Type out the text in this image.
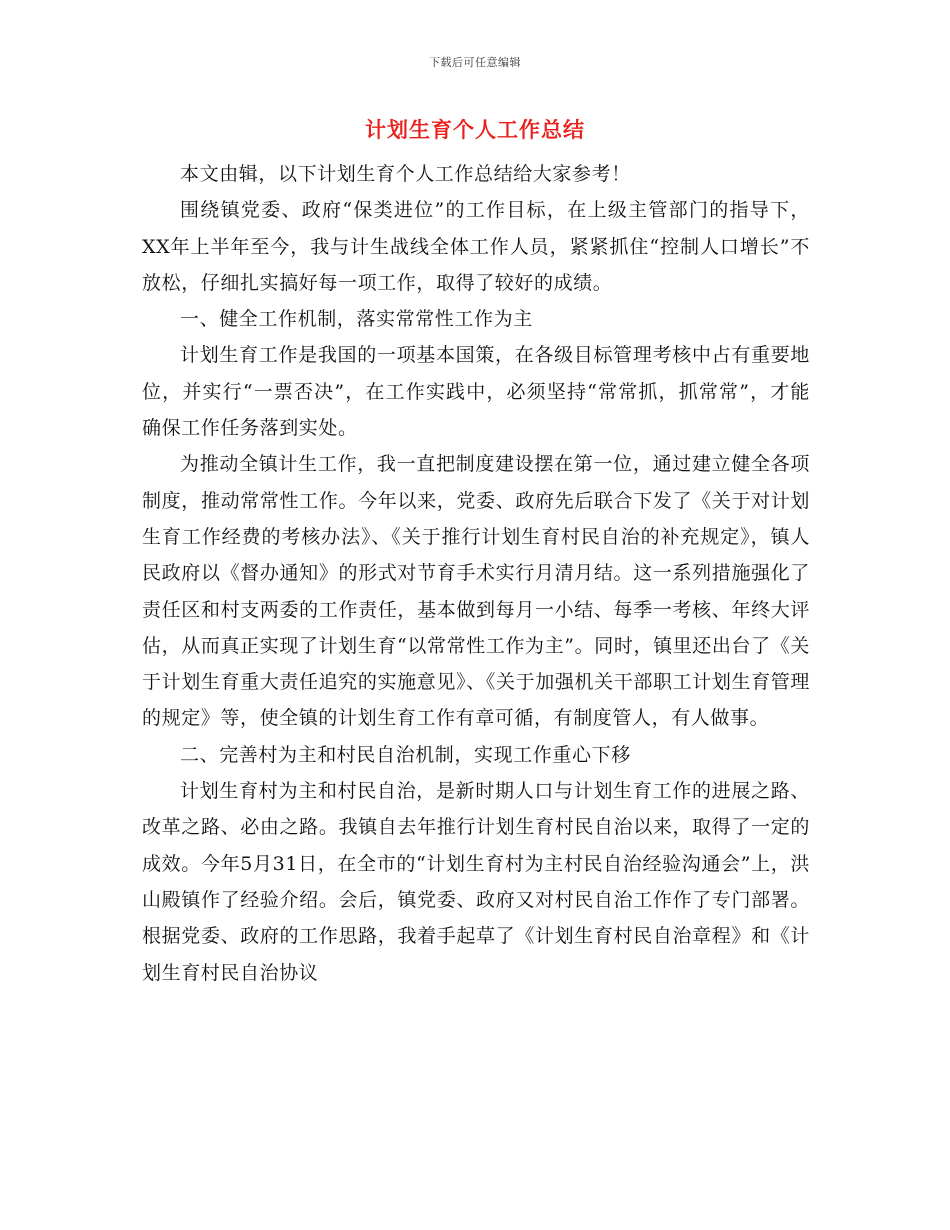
下载后可任意编辑
计划生育个人工作总结

本文由辑，以下计划生育个人工作总结给大家参考！

围绕镇党委、政府“保类进位”的工作目标，在上级主管部门的指导下，XX年上半年至今，我与计生战线全体工作人员，紧紧抓住“控制人口增长”不放松，仔细扎实搞好每一项工作，取得了较好的成绩。

一、健全工作机制，落实常常性工作为主

计划生育工作是我国的一项基本国策，在各级目标管理考核中占有重要地位，并实行“一票否决”，在工作实践中，必须坚持“常常抓，抓常常”，才能确保工作任务落到实处。

为推动全镇计生工作，我一直把制度建设摆在第一位，通过建立健全各项制度，推动常常性工作。今年以来，党委、政府先后联合下发了《关于对计划生育工作经费的考核办法》、《关于推行计划生育村民自治的补充规定》，镇人民政府以《督办通知》的形式对节育手术实行月清月结。这一系列措施强化了责任区和村支两委的工作责任，基本做到每月一小结、每季一考核、年终大评估，从而真正实现了计划生育“以常常性工作为主”。同时，镇里还出台了《关于计划生育重大责任追究的实施意见》、《关于加强机关干部职工计划生育管理的规定》等，使全镇的计划生育工作有章可循，有制度管人，有人做事。

二、完善村为主和村民自治机制，实现工作重心下移

计划生育村为主和村民自治，是新时期人口与计划生育工作的进展之路、改革之路、必由之路。我镇自去年推行计划生育村民自治以来，取得了一定的成效。今年5月31日，在全市的“计划生育村为主村民自治经验沟通会”上，洪山殿镇作了经验介绍。会后，镇党委、政府又对村民自治工作作了专门部署。根据党委、政府的工作思路，我着手起草了《计划生育村民自治章程》和《计划生育村民自治协议
